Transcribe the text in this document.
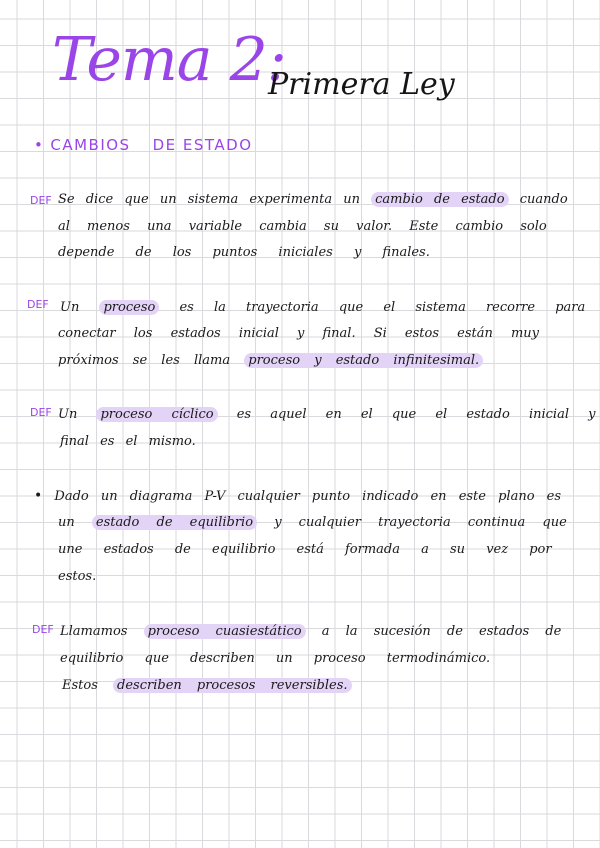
Tema 2:
Primera Ley
• CAMBIOS DE ESTADO
DEF Se dice que un sistema experimenta un cambio de estado cuando
al menos una variable cambia su valor. Este cambio solo
depende de los puntos iniciales y finales.
DEF Un proceso es la trayectoria que el sistema recorre para
conectar los estados inicial y final. Si estos están muy
próximos se les llama proceso y estado infinitesimal.
DEF Un proceso cíclico es aquel en el que el estado inicial y
final es el mismo.
• Dado un diagrama P-V cualquier punto indicado en este plano es
un estado de equilibrio y cualquier trayectoria continua que
une estados de equilibrio está formada a su vez por
estos.
DEF Llamamos proceso cuasiestático a la sucesión de estados de
equilibrio que describen un proceso termodinámico.
Estos describen procesos reversibles.
